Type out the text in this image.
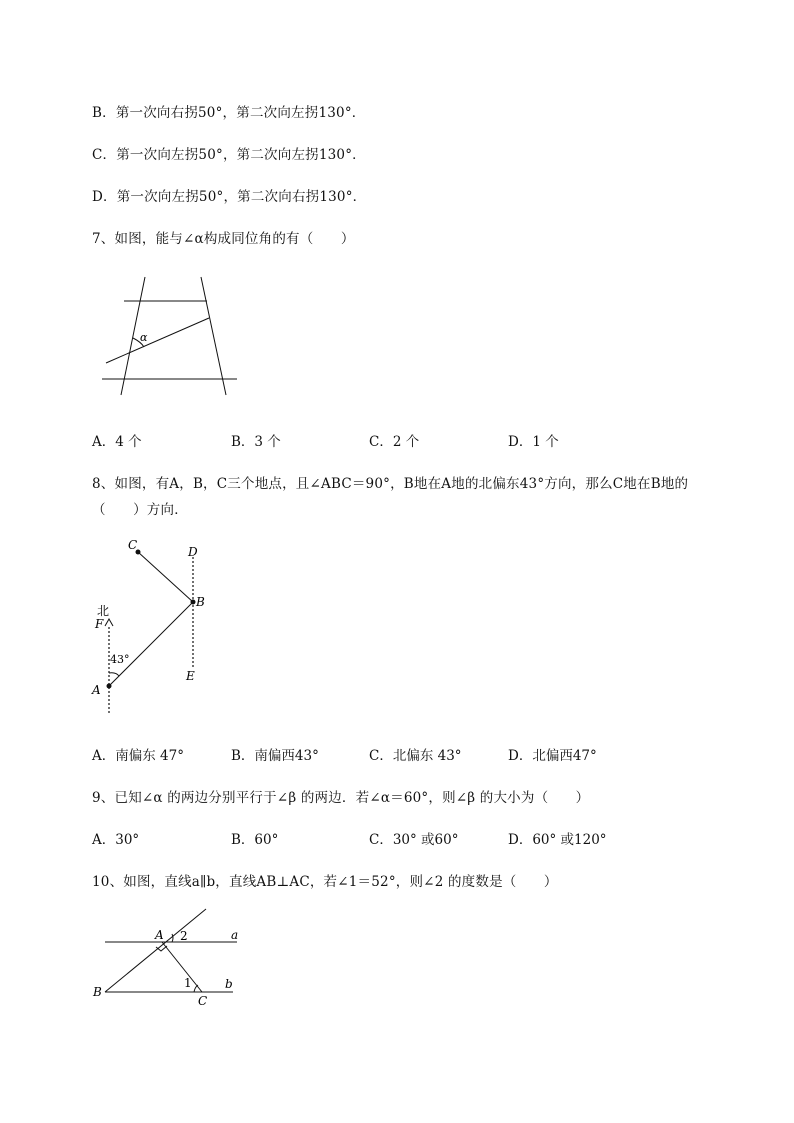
B．第一次向右拐50°，第二次向左拐130°．
C．第一次向左拐50°，第二次向左拐130°．
D．第一次向左拐50°，第二次向右拐130°．
7、如图，能与∠α构成同位角的有（　　）
α
A．4 个	B．3 个	C．2 个	D．1 个
8、如图，有A，B，C三个地点，且∠ABC＝90°，B地在A地的北偏东43°方向，那么C地在B地的
（　　）方向．
C	D
B
北
F
43°
E
A
A．南偏东 47°	B．南偏西43°	C．北偏东 43°	D．北偏西47°
9、已知∠α 的两边分别平行于∠β 的两边．若∠α＝60°，则∠β 的大小为（　　）
A．30°	B．60°	C．30° 或60°	D．60° 或120°
10、如图，直线a∥b，直线AB⊥AC，若∠1＝52°，则∠2 的度数是（　　）
A 2	a
1	b
B
C
